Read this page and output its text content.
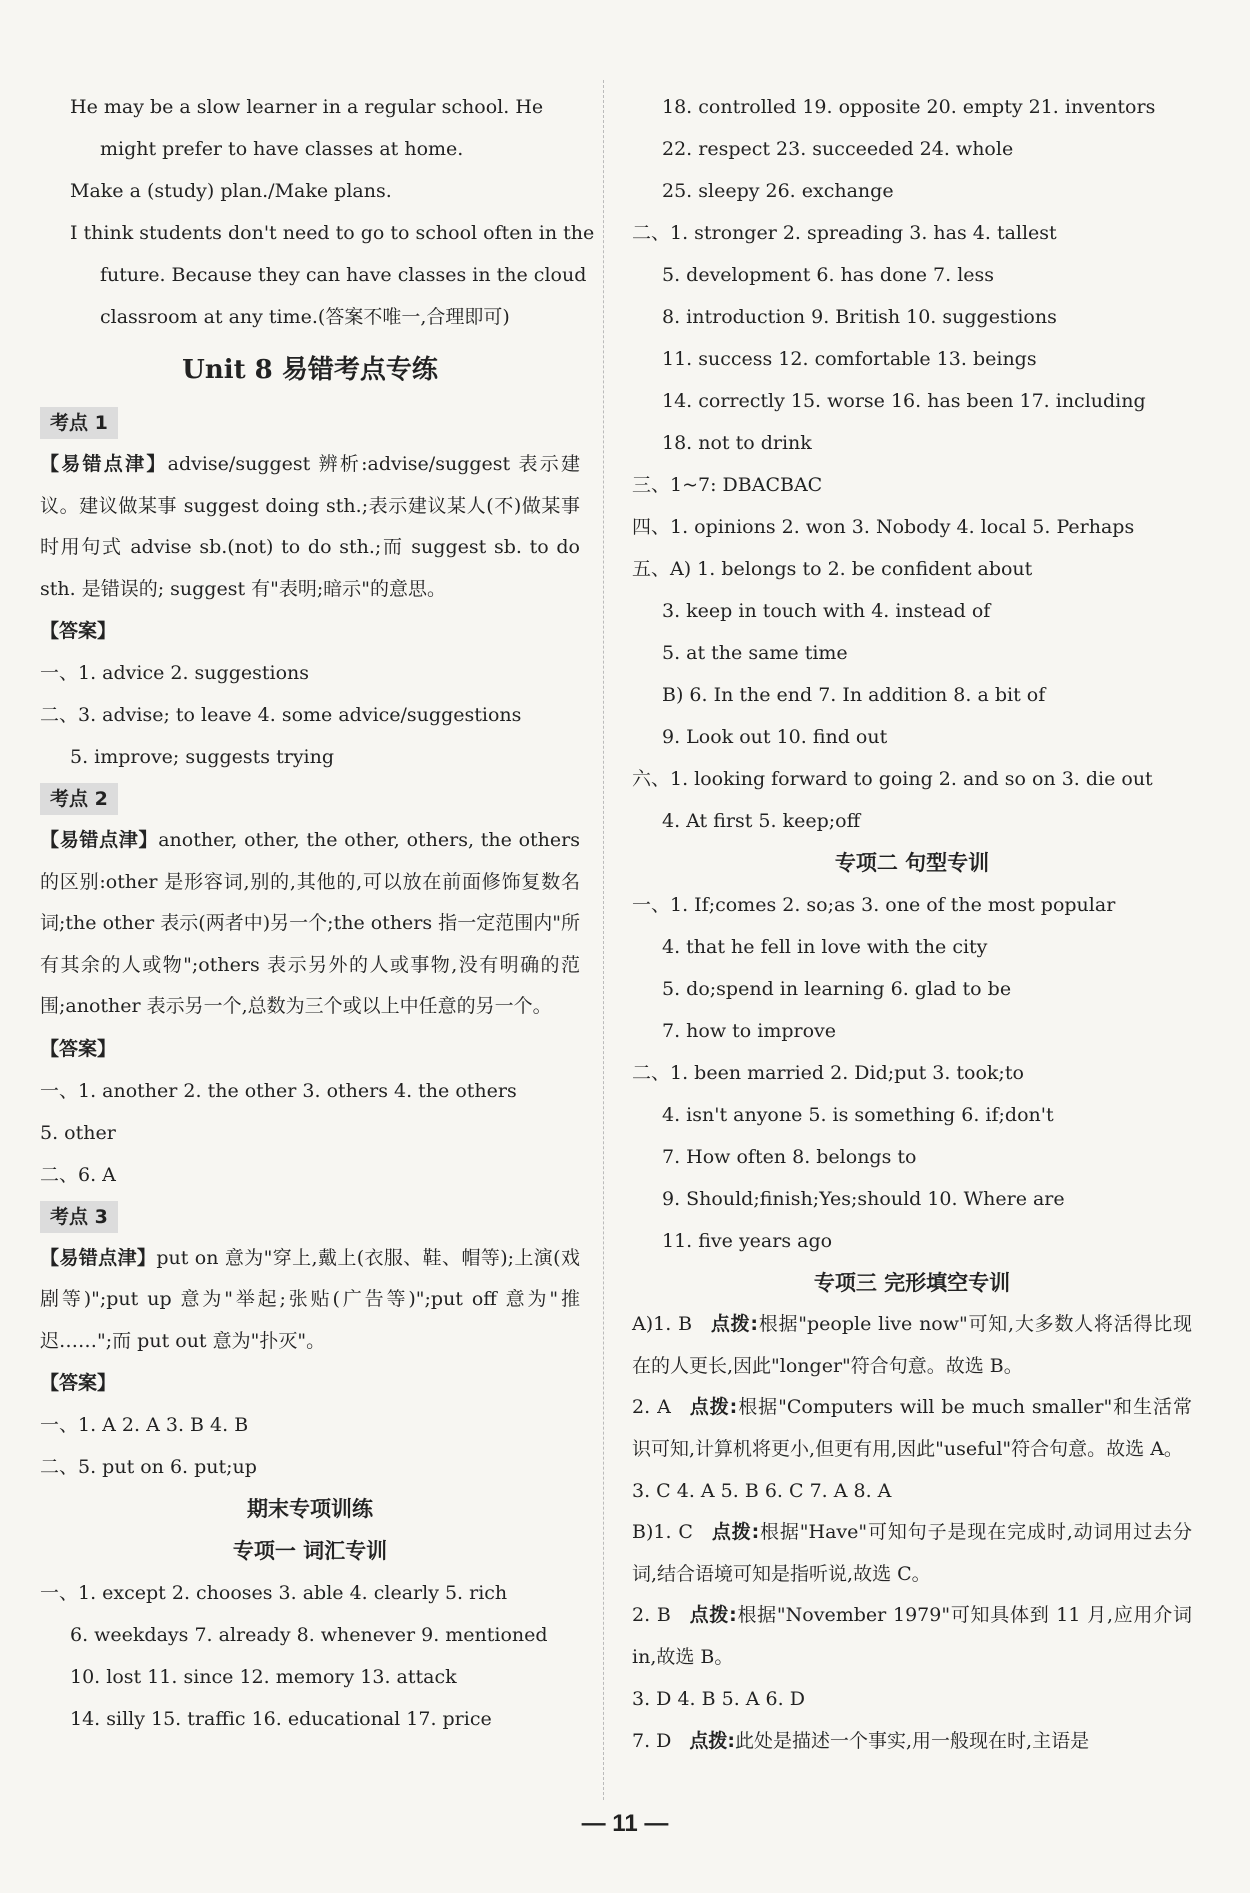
He may be a slow learner in a regular school. He
might prefer to have classes at home.
Make a (study) plan./Make plans.
I think students don't need to go to school often in the
future. Because they can have classes in the cloud
classroom at any time.(答案不唯一,合理即可)
Unit 8 易错考点专练
考点 1
【易错点津】advise/suggest 辨析:advise/suggest 表示建议。建议做某事 suggest doing sth.;表示建议某人(不)做某事时用句式 advise sb.(not) to do sth.;而 suggest sb. to do sth. 是错误的; suggest 有"表明;暗示"的意思。
【答案】
一、1. advice 2. suggestions
二、3. advise; to leave 4. some advice/suggestions
5. improve; suggests trying
考点 2
【易错点津】another, other, the other, others, the others 的区别:other 是形容词,别的,其他的,可以放在前面修饰复数名词;the other 表示(两者中)另一个;the others 指一定范围内"所有其余的人或物";others 表示另外的人或事物,没有明确的范围;another 表示另一个,总数为三个或以上中任意的另一个。
【答案】
一、1. another 2. the other 3. others 4. the others
5. other
二、6. A
考点 3
【易错点津】put on 意为"穿上,戴上(衣服、鞋、帽等);上演(戏剧等)";put up 意为"举起;张贴(广告等)";put off 意为"推迟……";而 put out 意为"扑灭"。
【答案】
一、1. A 2. A 3. B 4. B
二、5. put on 6. put;up
期末专项训练
专项一 词汇专训
一、1. except 2. chooses 3. able 4. clearly 5. rich
6. weekdays 7. already 8. whenever 9. mentioned
10. lost 11. since 12. memory 13. attack
14. silly 15. traffic 16. educational 17. price
18. controlled 19. opposite 20. empty 21. inventors
22. respect 23. succeeded 24. whole
25. sleepy 26. exchange
二、1. stronger 2. spreading 3. has 4. tallest
5. development 6. has done 7. less
8. introduction 9. British 10. suggestions
11. success 12. comfortable 13. beings
14. correctly 15. worse 16. has been 17. including
18. not to drink
三、1~7: DBACBAC
四、1. opinions 2. won 3. Nobody 4. local 5. Perhaps
五、A) 1. belongs to 2. be confident about
3. keep in touch with 4. instead of
5. at the same time
B) 6. In the end 7. In addition 8. a bit of
9. Look out 10. find out
六、1. looking forward to going 2. and so on 3. die out
4. At first 5. keep;off
专项二 句型专训
一、1. If;comes 2. so;as 3. one of the most popular
4. that he fell in love with the city
5. do;spend in learning 6. glad to be
7. how to improve
二、1. been married 2. Did;put 3. took;to
4. isn't anyone 5. is something 6. if;don't
7. How often 8. belongs to
9. Should;finish;Yes;should 10. Where are
11. five years ago
专项三 完形填空专训
A)1. B 点拨:根据"people live now"可知,大多数人将活得比现在的人更长,因此"longer"符合句意。故选 B。
2. A 点拨:根据"Computers will be much smaller"和生活常识可知,计算机将更小,但更有用,因此"useful"符合句意。故选 A。
3. C 4. A 5. B 6. C 7. A 8. A
B)1. C 点拨:根据"Have"可知句子是现在完成时,动词用过去分词,结合语境可知是指听说,故选 C。
2. B 点拨:根据"November 1979"可知具体到 11 月,应用介词 in,故选 B。
3. D 4. B 5. A 6. D
7. D 点拨:此处是描述一个事实,用一般现在时,主语是
— 11 —
